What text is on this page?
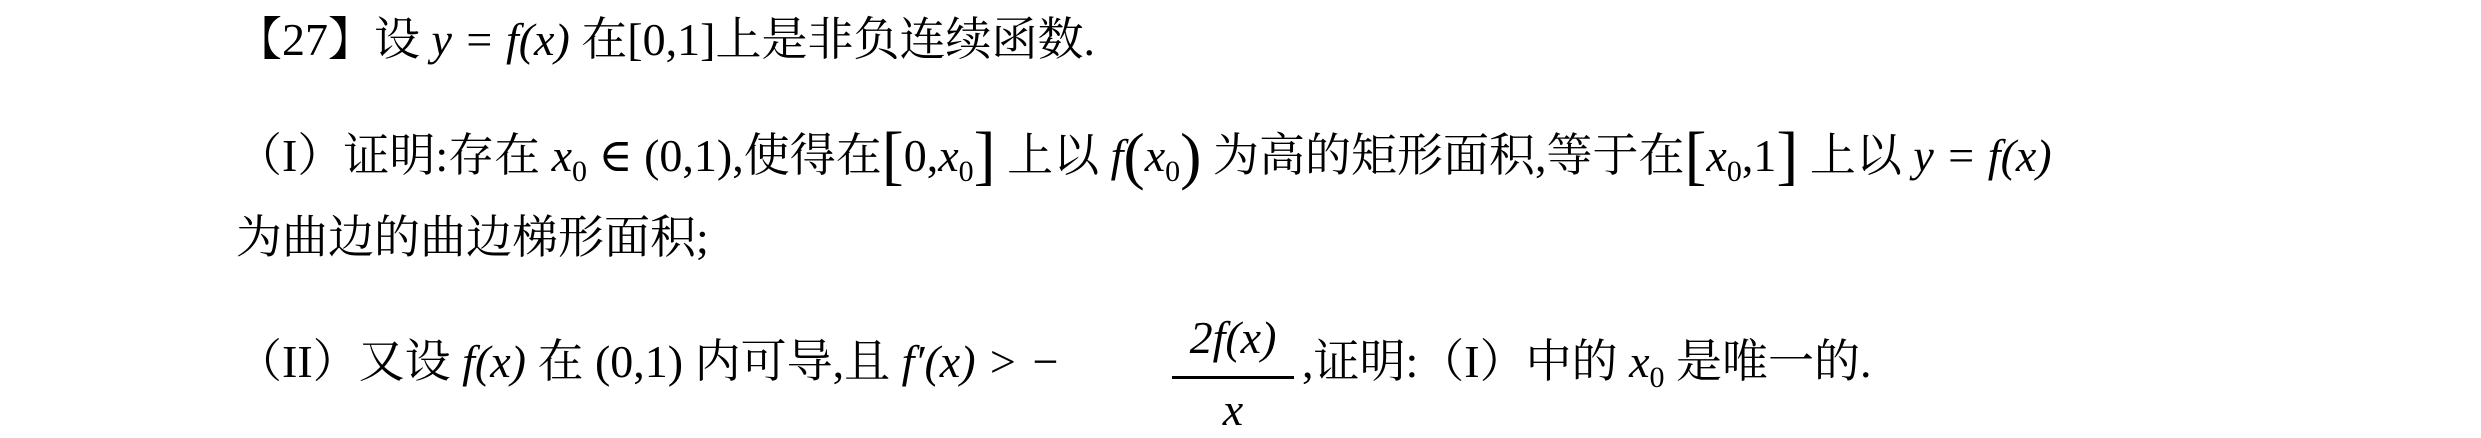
【27】设 y = f(x) 在[0,1]上是非负连续函数.
（I）证明:存在 $x_0$ ∈ (0,1),使得在$[0,x_0]$ 上以 $f(x_0)$ 为高的矩形面积,等于在$[x_0,1]$ 上以 y = f(x)
为曲边的曲边梯形面积;
（II）又设 f(x) 在 (0,1) 内可导,且 f′(x) > −	2f(x)
x
,证明:（I）中的 $x_0$ 是唯一的.
